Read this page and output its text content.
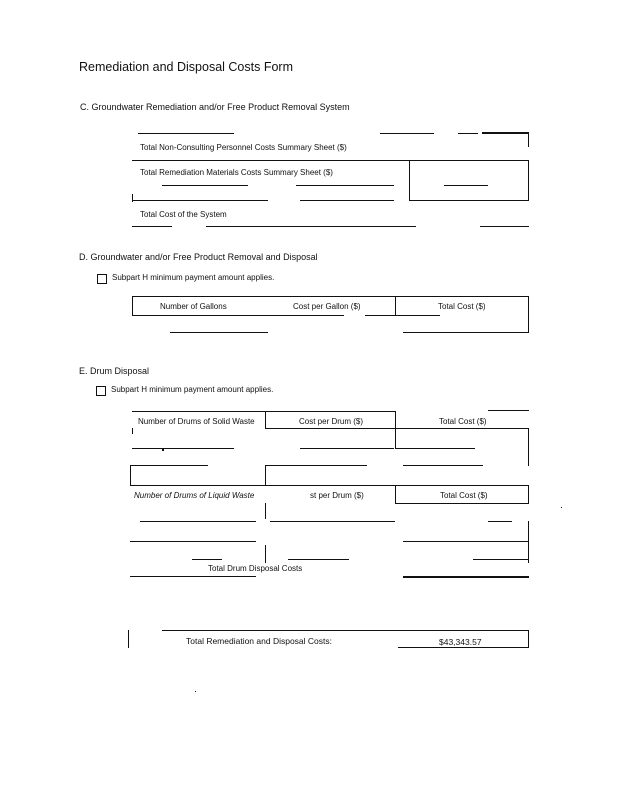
Remediation and Disposal Costs Form
C. Groundwater Remediation and/or Free Product Removal System
Total Non-Consulting Personnel Costs Summary Sheet ($)
Total Remediation Materials Costs Summary Sheet ($)
Total Cost of the System
D. Groundwater and/or Free Product Removal and Disposal
Subpart H minimum payment amount applies.
Number of Gallons	Cost per Gallon ($)	Total Cost ($)
E. Drum Disposal
Subpart H minimum payment amount applies.
Number of Drums of Solid Waste	Cost per Drum ($)	Total Cost ($)
Number of Drums of Liquid Waste	st per Drum ($)	Total Cost ($)
Total Drum Disposal Costs
Total Remediation and Disposal Costs:	$43,343.57
